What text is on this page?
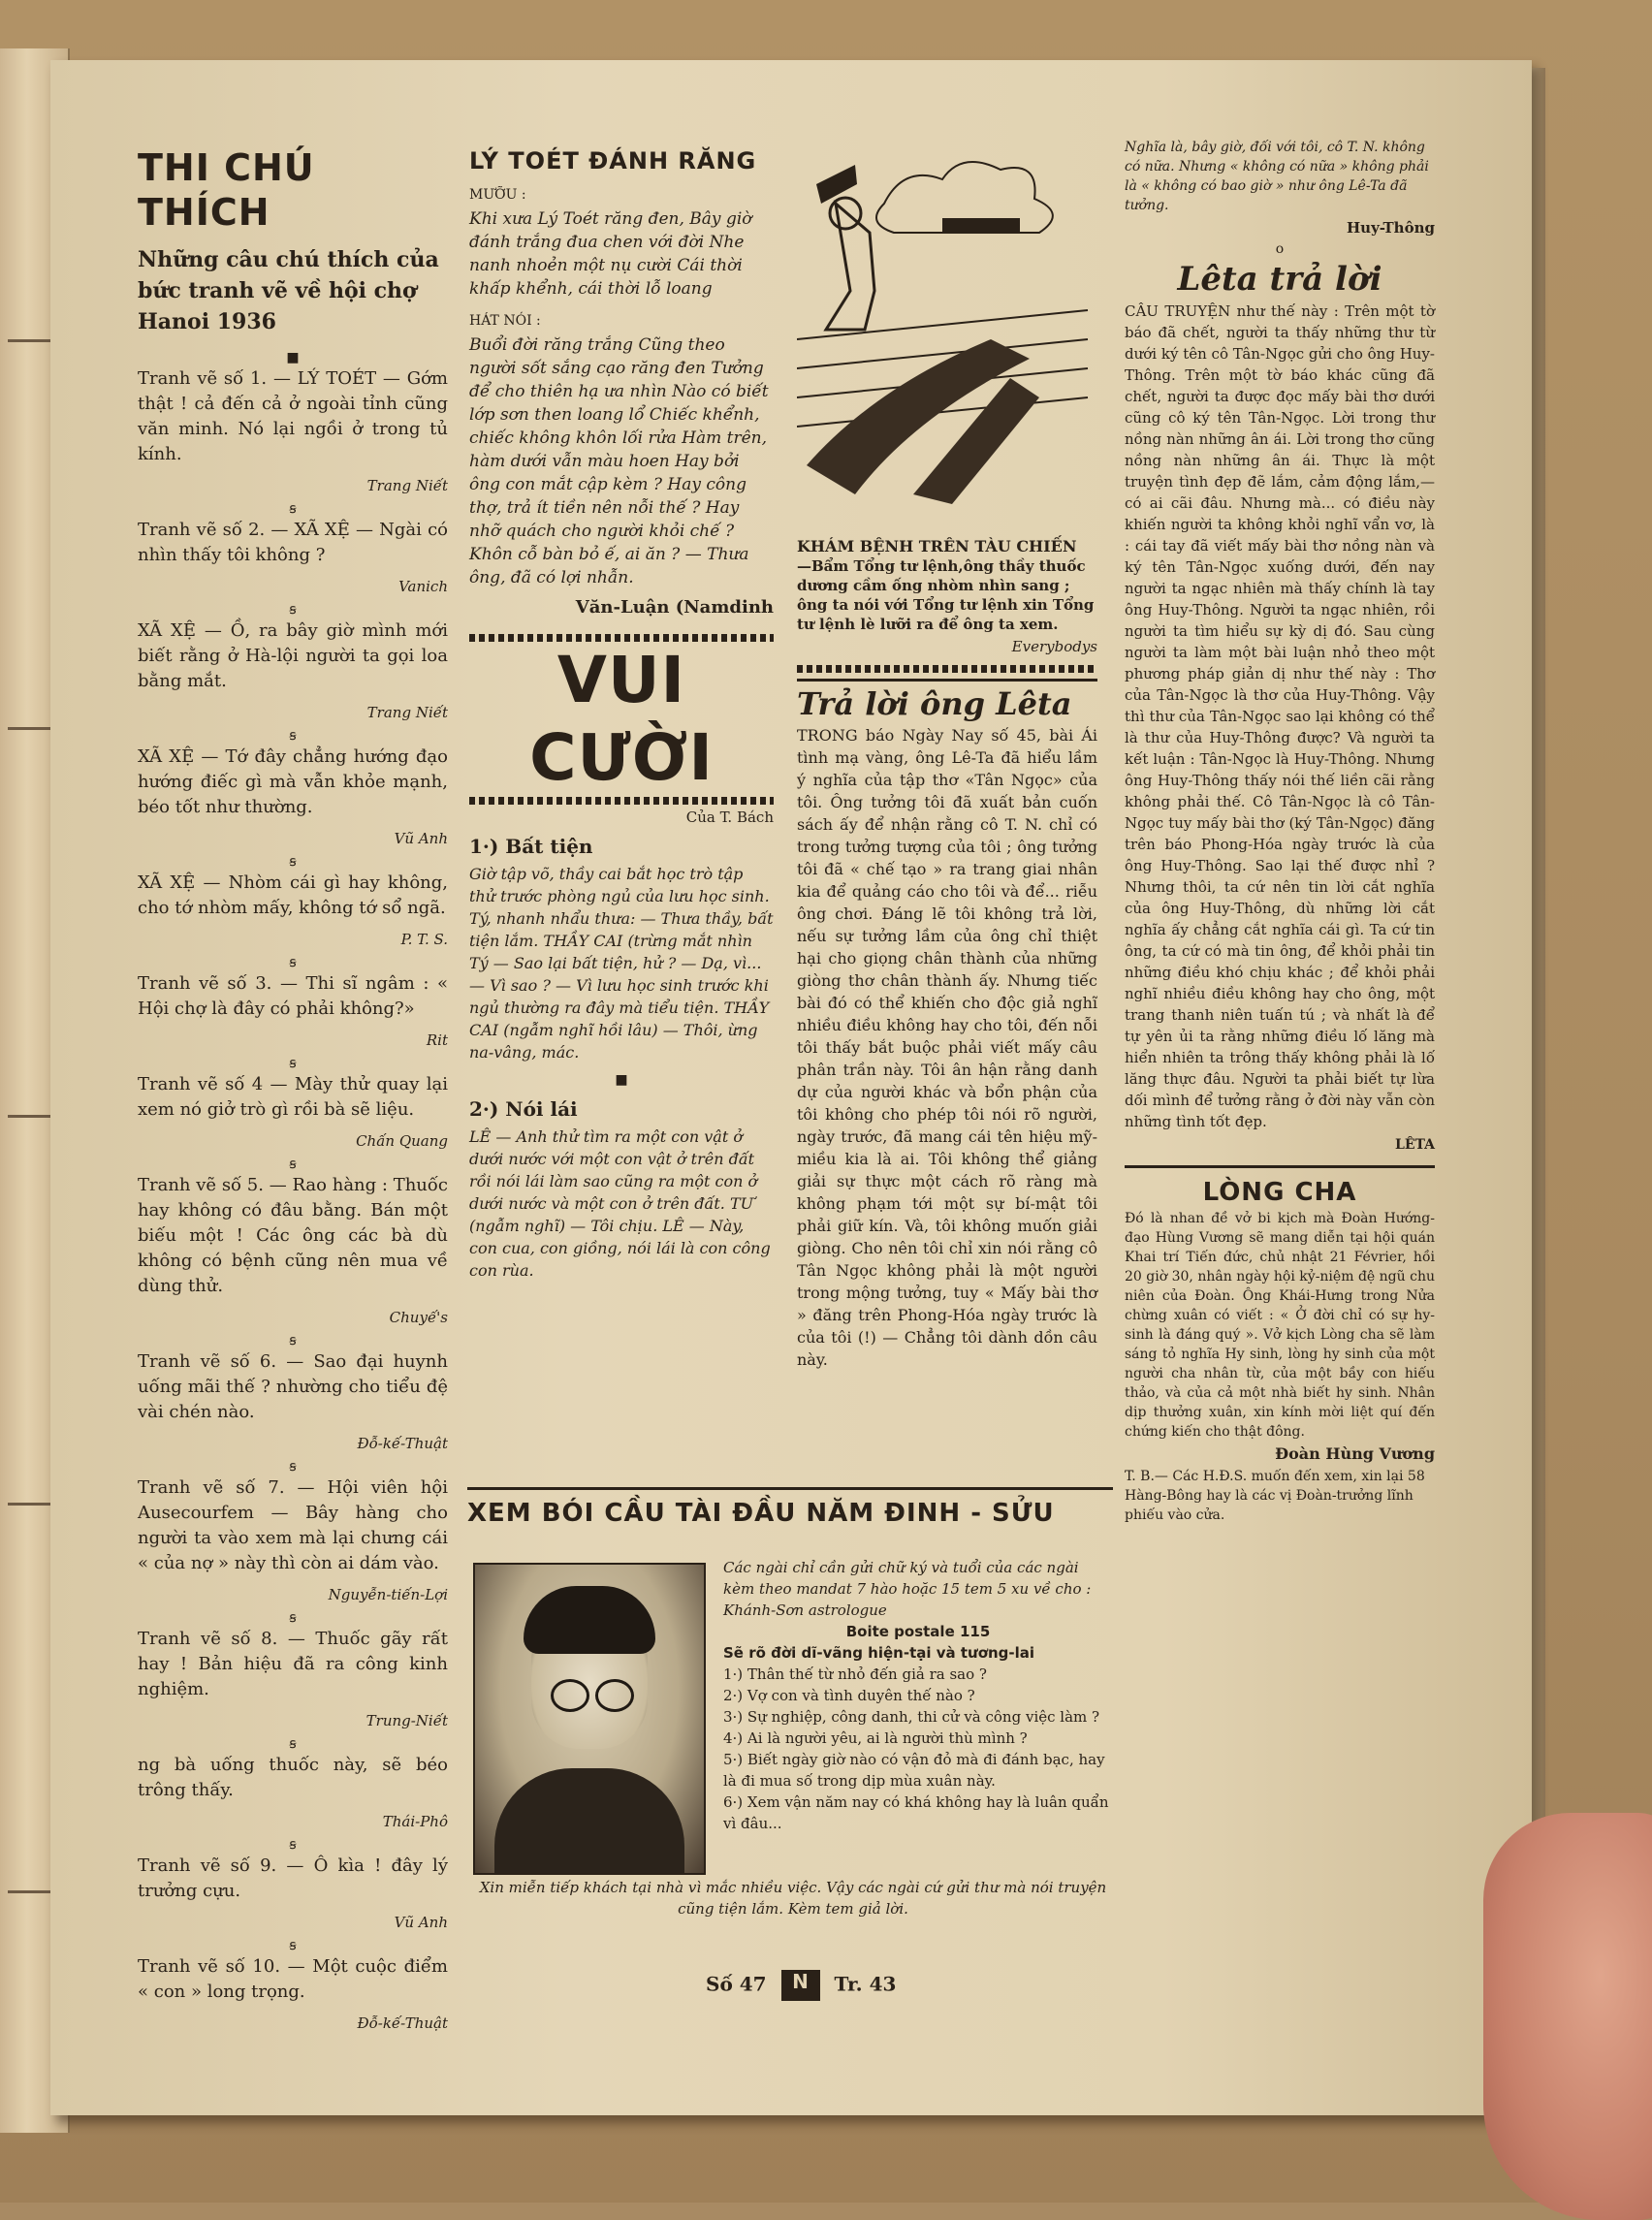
THI CHÚ THÍCH
Những câu chú thích của bức tranh vẽ về hội chợ Hanoi 1936
■
Tranh vẽ số 1. — LÝ TOÉT — Gớm thật ! cả đến cả ở ngoài tỉnh cũng văn minh. Nó lại ngồi ở trong tủ kính.
Trang Niết
ꞩ
Tranh vẽ số 2. — XÃ XỆ — Ngài có nhìn thấy tôi không ?
Vanich
ꞩ
XÃ XỆ — Ồ, ra bây giờ mình mới biết rằng ở Hà-lội người ta gọi loa bằng mắt.
Trang Niết
ꞩ
XÃ XỆ — Tớ đây chẳng hướng đạo hướng điếc gì mà vẫn khỏe mạnh, béo tốt như thường.
Vũ Anh
ꞩ
XÃ XỆ — Nhòm cái gì hay không, cho tớ nhòm mấy, không tớ sổ ngã.
P. T. S.
ꞩ
Tranh vẽ số 3. — Thi sĩ ngâm : « Hội chợ là đây có phải không?»
Rit
ꞩ
Tranh vẽ số 4 — Mày thử quay lại xem nó giở trò gì rồi bà sẽ liệu.
Chấn Quang
ꞩ
Tranh vẽ số 5. — Rao hàng : Thuốc hay không có đâu bằng. Bán một biếu một ! Các ông các bà dù không có bệnh cũng nên mua về dùng thử.
Chuyế's
ꞩ
Tranh vẽ số 6. — Sao đại huynh uống mãi thế ? nhường cho tiểu đệ vài chén nào.
Đỗ-kế-Thuật
ꞩ
Tranh vẽ số 7. — Hội viên hội Ausecourfem — Bây hàng cho người ta vào xem mà lại chưng cái « của nợ » này thì còn ai dám vào.
Nguyễn-tiến-Lợi
ꞩ
Tranh vẽ số 8. — Thuốc gãy rất hay ! Bản hiệu đã ra công kinh nghiệm.
Trung-Niết
ꞩ
ng bà uống thuốc này, sẽ béo trông thấy.
Thái-Phô
ꞩ
Tranh vẽ số 9. — Ô kìa ! đây lý trưởng cựu.
Vũ Anh
ꞩ
Tranh vẽ số 10. — Một cuộc điểm « con » long trọng.
Đỗ-kế-Thuật
LÝ TOÉT ĐÁNH RĂNG
MƯỠU :
Khi xưa Lý Toét răng đen, Bây giờ đánh trắng đua chen với đời Nhe nanh nhoẻn một nụ cười Cái thời khấp khểnh, cái thời lỗ loang
HÁT NÓI :
Buổi đời răng trắng Cũng theo người sốt sắng cạo răng đen Tưởng để cho thiên hạ ưa nhìn Nào có biết lớp sơn then loang lổ Chiếc khểnh, chiếc không khôn lối rửa Hàm trên, hàm dưới vẫn màu hoen Hay bởi ông con mắt cập kèm ? Hay công thợ, trả ít tiền nên nỗi thế ? Hay nhỡ quách cho người khỏi chế ? Khôn cỗ bàn bỏ ế, ai ăn ? — Thưa ông, đã có lợi nhẫn.
Văn-Luận (Namdinh
VUI CƯỜI
Của T. Bách
1·) Bất tiện
Giờ tập võ, thầy cai bắt học trò tập thử trước phòng ngủ của lưu học sinh. Tý, nhanh nhẩu thưa: — Thưa thầy, bất tiện lắm. THẦY CAI (trừng mắt nhìn Tý — Sao lại bất tiện, hử ? — Dạ, vì... — Vì sao ? — Vì lưu học sinh trước khi ngủ thường ra đây mà tiểu tiện. THẦY CAI (ngẫm nghĩ hồi lâu) — Thôi, ừng na-vâng, mác.
■
2·) Nói lái
LÊ — Anh thử tìm ra một con vật ở dưới nước với một con vật ở trên đất rồi nói lái làm sao cũng ra một con ở dưới nước và một con ở trên đất. TƯ (ngẫm nghĩ) — Tôi chịu. LÊ — Này, con cua, con giồng, nói lái là con công con rùa.
KHÁM BỆNH TRÊN TÀU CHIẾN
—Bẩm Tổng tư lệnh,ông thầy thuốc dương cầm ống nhòm nhìn sang ; ông ta nói với Tổng tư lệnh xin Tổng tư lệnh lè lưỡi ra để ông ta xem.
Everybodys
Trả lời ông Lêta
TRONG báo Ngày Nay số 45, bài Ái tình mạ vàng, ông Lê-Ta đã hiểu lầm ý nghĩa của tập thơ «Tân Ngọc» của tôi. Ông tưởng tôi đã xuất bản cuốn sách ấy để nhận rằng cô T. N. chỉ có trong tưởng tượng của tôi ; ông tưởng tôi đã « chế tạo » ra trang giai nhân kia để quảng cáo cho tôi và để... riễu ông chơi. Đáng lẽ tôi không trả lời, nếu sự tưởng lầm của ông chỉ thiệt hại cho giọng chân thành của những giòng thơ chân thành ấy. Nhưng tiếc bài đó có thể khiến cho độc giả nghĩ nhiều điều không hay cho tôi, đến nỗi tôi thấy bắt buộc phải viết mấy câu phân trần này. Tôi ân hận rằng danh dự của người khác và bổn phận của tôi không cho phép tôi nói rõ người, ngày trước, đã mang cái tên hiệu mỹ-miều kia là ai. Tôi không thể giảng giải sự thực một cách rõ ràng mà không phạm tới một sự bí-mật tôi phải giữ kín. Và, tôi không muốn giải giòng. Cho nên tôi chỉ xin nói rằng cô Tân Ngọc không phải là một người trong mộng tưởng, tuy « Mấy bài thơ » đăng trên Phong-Hóa ngày trước là của tôi (!) — Chẳng tôi dành dồn câu này.
Nghĩa là, bây giờ, đối với tôi, cô T. N. không có nữa. Nhưng « không có nữa » không phải là « không có bao giờ » như ông Lê-Ta đã tưởng.
Huy-Thông
o
Lêta trả lời
CÂU TRUYỆN như thế này : Trên một tờ báo đã chết, người ta thấy những thư từ dưới ký tên cô Tân-Ngọc gửi cho ông Huy-Thông. Trên một tờ báo khác cũng đã chết, người ta được đọc mấy bài thơ dưới cũng cô ký tên Tân-Ngọc. Lời trong thư nồng nàn những ân ái. Lời trong thơ cũng nồng nàn những ân ái. Thực là một truyện tình đẹp đẽ lắm, cảm động lắm,— có ai cãi đâu. Nhưng mà... có điều này khiến người ta không khỏi nghĩ vẩn vơ, là : cái tay đã viết mấy bài thơ nồng nàn và ký tên Tân-Ngọc xuống dưới, đến nay người ta ngạc nhiên mà thấy chính là tay ông Huy-Thông. Người ta ngạc nhiên, rồi người ta tìm hiểu sự kỳ dị đó. Sau cùng người ta làm một bài luận nhỏ theo một phương pháp giản dị như thế này : Thơ của Tân-Ngọc là thơ của Huy-Thông. Vậy thì thư của Tân-Ngọc sao lại không có thể là thư của Huy-Thông được? Và người ta kết luận : Tân-Ngọc là Huy-Thông. Nhưng ông Huy-Thông thấy nói thế liền cãi rằng không phải thế. Cô Tân-Ngọc là cô Tân-Ngọc tuy mấy bài thơ (ký Tân-Ngọc) đăng trên báo Phong-Hóa ngày trước là của ông Huy-Thông. Sao lại thế được nhỉ ? Nhưng thôi, ta cứ nên tin lời cắt nghĩa của ông Huy-Thông, dù những lời cắt nghĩa ấy chẳng cắt nghĩa cái gì. Ta cứ tin ông, ta cứ có mà tin ông, để khỏi phải tin những điều khó chịu khác ; để khỏi phải nghĩ nhiều điều không hay cho ông, một trang thanh niên tuấn tú ; và nhất là để tự yên ủi ta rằng những điều lố lăng mà hiển nhiên ta trông thấy không phải là lố lăng thực đâu. Người ta phải biết tự lừa dối mình để tưởng rằng ở đời này vẫn còn những tình tốt đẹp.
LÊTA
LÒNG CHA
Đó là nhan đề vở bi kịch mà Đoàn Hướng-đạo Hùng Vương sẽ mang diễn tại hội quán Khai trí Tiến đức, chủ nhật 21 Février, hồi 20 giờ 30, nhân ngày hội kỷ-niệm đệ ngũ chu niên của Đoàn. Ông Khái-Hưng trong Nửa chừng xuân có viết : « Ở đời chỉ có sự hy-sinh là đáng quý ». Vở kịch Lòng cha sẽ làm sáng tỏ nghĩa Hy sinh, lòng hy sinh của một người cha nhân từ, của một bầy con hiếu thảo, và của cả một nhà biết hy sinh. Nhân dịp thưởng xuân, xin kính mời liệt quí đến chứng kiến cho thật đông.
Đoàn Hùng Vương
T. B.— Các H.Đ.S. muốn đến xem, xin lại 58 Hàng-Bông hay là các vị Đoàn-trưởng lĩnh phiếu vào cửa.
XEM BÓI CẦU TÀI ĐẦU NĂM ĐINH - SỬU
Các ngài chỉ cần gửi chữ ký và tuổi của các ngài kèm theo mandat 7 hào hoặc 15 tem 5 xu về cho : Khánh-Sơn astrologue
Boite postale 115
Sẽ rõ đời dĩ-vãng hiện-tại và tương-lai
1·) Thân thế từ nhỏ đến giả ra sao ?
2·) Vợ con và tình duyên thế nào ?
3·) Sự nghiệp, công danh, thi cử và công việc làm ?
4·) Ai là người yêu, ai là người thù mình ?
5·) Biết ngày giờ nào có vận đỏ mà đi đánh bạc, hay là đi mua số trong dịp mùa xuân này.
6·) Xem vận năm nay có khá không hay là luân quẩn vì đâu...
Xin miễn tiếp khách tại nhà vì mắc nhiều việc. Vậy các ngài cứ gửi thư mà nói truyện cũng tiện lắm. Kèm tem giả lời.
Số 47 N Tr. 43
